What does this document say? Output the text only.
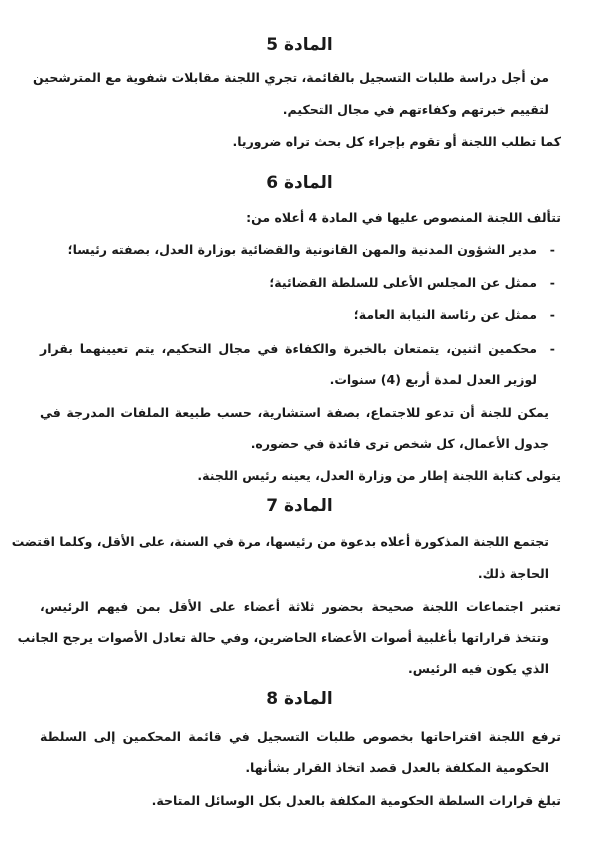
المادة 5

من أجل دراسة طلبات التسجيل بالقائمة، تجري اللجنة مقابلات شفوية مع المترشحين

لتقييم خبرتهم وكفاءتهم في مجال التحكيم.

كما تطلب اللجنة أو تقوم بإجراء كل بحث تراه ضروريا.

المادة 6

تتألف اللجنة المنصوص عليها في المادة 4 أعلاه من:

-
مدير الشؤون المدنية والمهن القانونية والقضائية بوزارة العدل، بصفته رئيسا؛

-
ممثل عن المجلس الأعلى للسلطة القضائية؛

-
ممثل عن رئاسة النيابة العامة؛

-
محكمين اثنين، يتمتعان بالخبرة والكفاءة في مجال التحكيم، يتم تعيينهما بقرار

لوزير العدل لمدة أربع (4) سنوات.

يمكن للجنة أن تدعو للاجتماع، بصفة استشارية، حسب طبيعة الملفات المدرجة في

جدول الأعمال، كل شخص ترى فائدة في حضوره.

يتولى كتابة اللجنة إطار من وزارة العدل، يعينه رئيس اللجنة.

المادة 7

تجتمع اللجنة المذكورة أعلاه بدعوة من رئيسها، مرة في السنة، على الأقل، وكلما اقتضت

الحاجة ذلك.

تعتبر اجتماعات اللجنة صحيحة بحضور ثلاثة أعضاء على الأقل بمن فيهم الرئيس،

وتتخذ قراراتها بأغلبية أصوات الأعضاء الحاضرين، وفي حالة تعادل الأصوات يرجح الجانب

الذي يكون فيه الرئيس.

المادة 8

ترفع اللجنة اقتراحاتها بخصوص طلبات التسجيل في قائمة المحكمين إلى السلطة

الحكومية المكلفة بالعدل قصد اتخاذ القرار بشأنها.

تبلغ قرارات السلطة الحكومية المكلفة بالعدل بكل الوسائل المتاحة.
